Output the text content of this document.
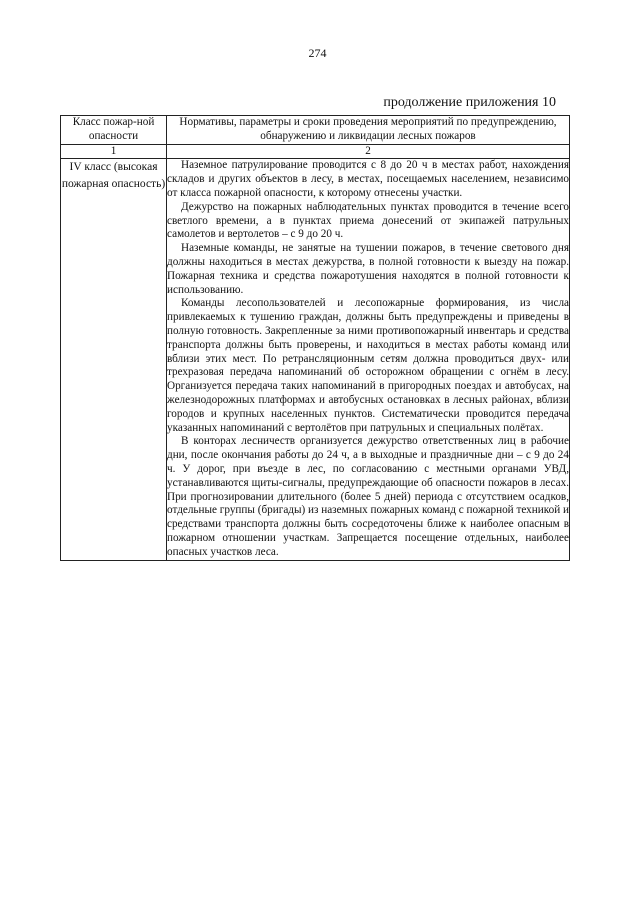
274
продолжение приложения 10
Класс пожар-ной опасности	Нормативы, параметры и сроки проведения мероприятий по предупреждению, обнаружению и ликвидации лесных пожаров
1	2
IV класс (высокая пожарная опасность)	Наземное патрулирование проводится с 8 до 20 ч в местах работ, нахождения складов и других объектов в лесу, в местах, посещаемых населением, независимо от класса пожарной опасности, к которому отнесены участки.

Дежурство на пожарных наблюдательных пунктах проводится в течение всего светлого времени, а в пунктах приема донесений от экипажей патрульных самолетов и вертолетов – с 9 до 20 ч.

Наземные команды, не занятые на тушении пожаров, в течение светового дня должны находиться в местах дежурства, в полной готовности к выезду на пожар. Пожарная техника и средства пожаротушения находятся в полной готовности к использованию.

Команды лесопользователей и лесопожарные формирования, из числа привлекаемых к тушению граждан, должны быть предупреждены и приведены в полную готовность. Закрепленные за ними противопожарный инвентарь и средства транспорта должны быть проверены, и находиться в местах работы команд или вблизи этих мест. По ретрансляционным сетям должна проводиться двух- или трехразовая передача напоминаний об осторожном обращении с огнём в лесу. Организуется передача таких напоминаний в пригородных поездах и автобусах, на железнодорожных платформах и автобусных остановках в лесных районах, вблизи городов и крупных населенных пунктов. Систематически проводится передача указанных напоминаний с вертолётов при патрульных и специальных полётах.

В конторах лесничеств организуется дежурство ответственных лиц в рабочие дни, после окончания работы до 24 ч, а в выходные и праздничные дни – с 9 до 24 ч. У дорог, при въезде в лес, по согласованию с местными органами УВД, устанавливаются щиты-сигналы, предупреждающие об опасности пожаров в лесах. При прогнозировании длительного (более 5 дней) периода с отсутствием осадков, отдельные группы (бригады) из наземных пожарных команд с пожарной техникой и средствами транспорта должны быть сосредоточены ближе к наиболее опасным в пожарном отношении участкам. Запрещается посещение отдельных, наиболее опасных участков леса.
